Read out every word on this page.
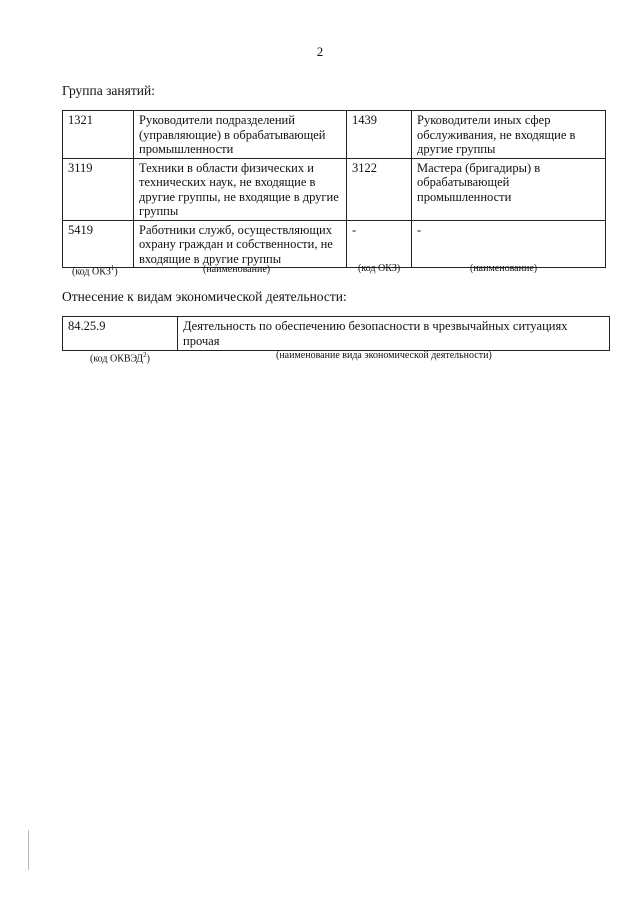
2
Группа занятий:
1321	Руководители подразделений (управляющие) в обрабатывающей промышленности	1439	Руководители иных сфер обслуживания, не входящие в другие группы
3119	Техники в области физических и технических наук, не входящие в другие группы, не входящие в другие группы	3122	Мастера (бригадиры) в обрабатывающей промышленности
5419	Работники служб, осуществляющих охрану граждан и собственности, не входящие в другие группы	-	-
(код ОКЗ$^1$)	(наименование)	(код ОКЗ)	(наименование)
Отнесение к видам экономической деятельности:
84.25.9	Деятельность по обеспечению безопасности в чрезвычайных ситуациях прочая
(код ОКВЭД$^2$)	(наименование вида экономической деятельности)
